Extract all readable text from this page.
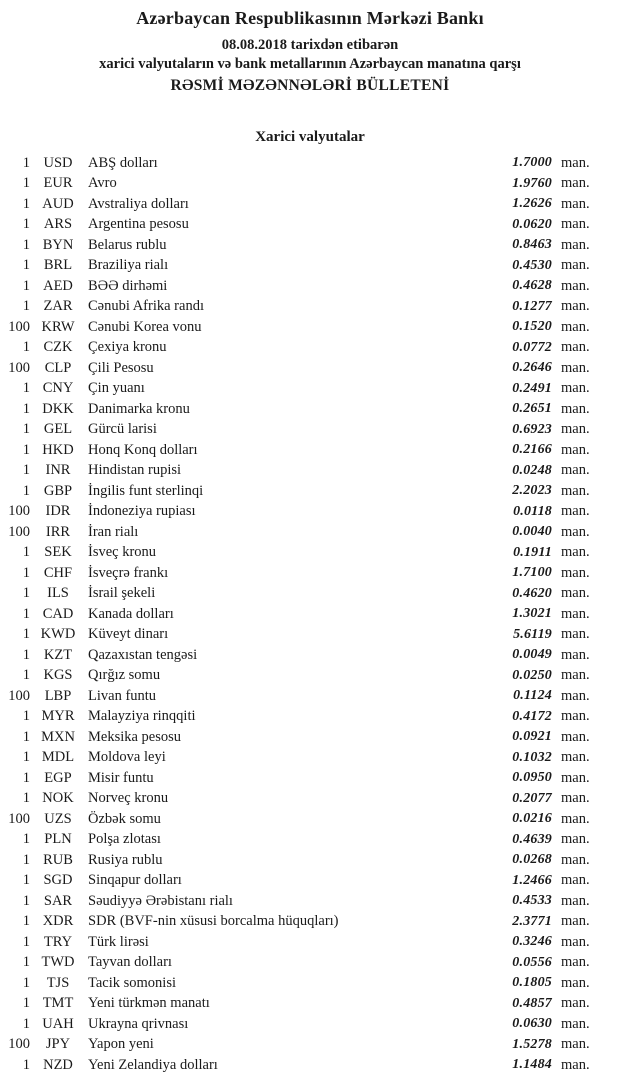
Azərbaycan Respublikasının Mərkəzi Bankı
08.08.2018 tarixdən etibarən
xarici valyutaların və bank metallarının Azərbaycan manatına qarşı
RƏSMİ MƏZƏNNƏLƏRİ BÜLLETENİ
Xarici valyutalar
1 USD	ABŞ dolları	1.7000 man.
1 EUR	Avro	1.9760 man.
1 AUD Avstraliya dolları	1.2626 man.
1 ARS	Argentina pesosu	0.0620 man.
1 BYN	Belarus rublu	0.8463 man.
1 BRL	Braziliya rialı	0.4530 man.
1 AED	BƏƏ dirhəmi	0.4628 man.
1 ZAR	Cənubi Afrika randı	0.1277 man.
100 KRW Cənubi Korea vonu	0.1520 man.
1 CZK	Çexiya kronu	0.0772 man.
100	CLP	Çili Pesosu	0.2646 man.
1 CNY	Çin yuanı	0.2491 man.
1 DKK Danimarka kronu	0.2651 man.
1 GEL	Gürcü larisi	0.6923 man.
1 HKD Honq Konq dolları	0.2166 man.
1	INR	Hindistan rupisi	0.0248 man.
1 GBP	İngilis funt sterlinqi	2.2023 man.
100	IDR	İndoneziya rupiası	0.0118 man.
100	IRR	İran rialı	0.0040 man.
1 SEK	İsveç kronu	0.1911 man.
1 CHF	İsveçrə frankı	1.7100 man.
1	ILS	İsrail şekeli	0.4620 man.
1 CAD	Kanada dolları	1.3021 man.
1 KWD Küveyt dinarı	5.6119 man.
1 KZT	Qazaxıstan tengəsi	0.0049 man.
1 KGS	Qırğız somu	0.0250 man.
100	LBP	Livan funtu	0.1124 man.
1 MYR Malayziya rinqqiti	0.4172 man.
1 MXN Meksika pesosu	0.0921 man.
1 MDL Moldova leyi	0.1032 man.
1 EGP	Misir funtu	0.0950 man.
1 NOK Norveç kronu	0.2077 man.
100 UZS	Özbək somu	0.0216 man.
1 PLN	Polşa zlotası	0.4639 man.
1 RUB	Rusiya rublu	0.0268 man.
1 SGD	Sinqapur dolları	1.2466 man.
1 SAR	Səudiyyə Ərəbistanı rialı	0.4533 man.
1 XDR	SDR (BVF-nin xüsusi borcalma hüquqları)	2.3771 man.
1 TRY	Türk lirəsi	0.3246 man.
1 TWD Tayvan dolları	0.0556 man.
1	TJS	Tacik somonisi	0.1805 man.
1 TMT	Yeni türkmən manatı	0.4857 man.
1 UAH Ukrayna qrivnası	0.0630 man.
100	JPY	Yapon yeni	1.5278 man.
1 NZD	Yeni Zelandiya dolları	1.1484 man.
